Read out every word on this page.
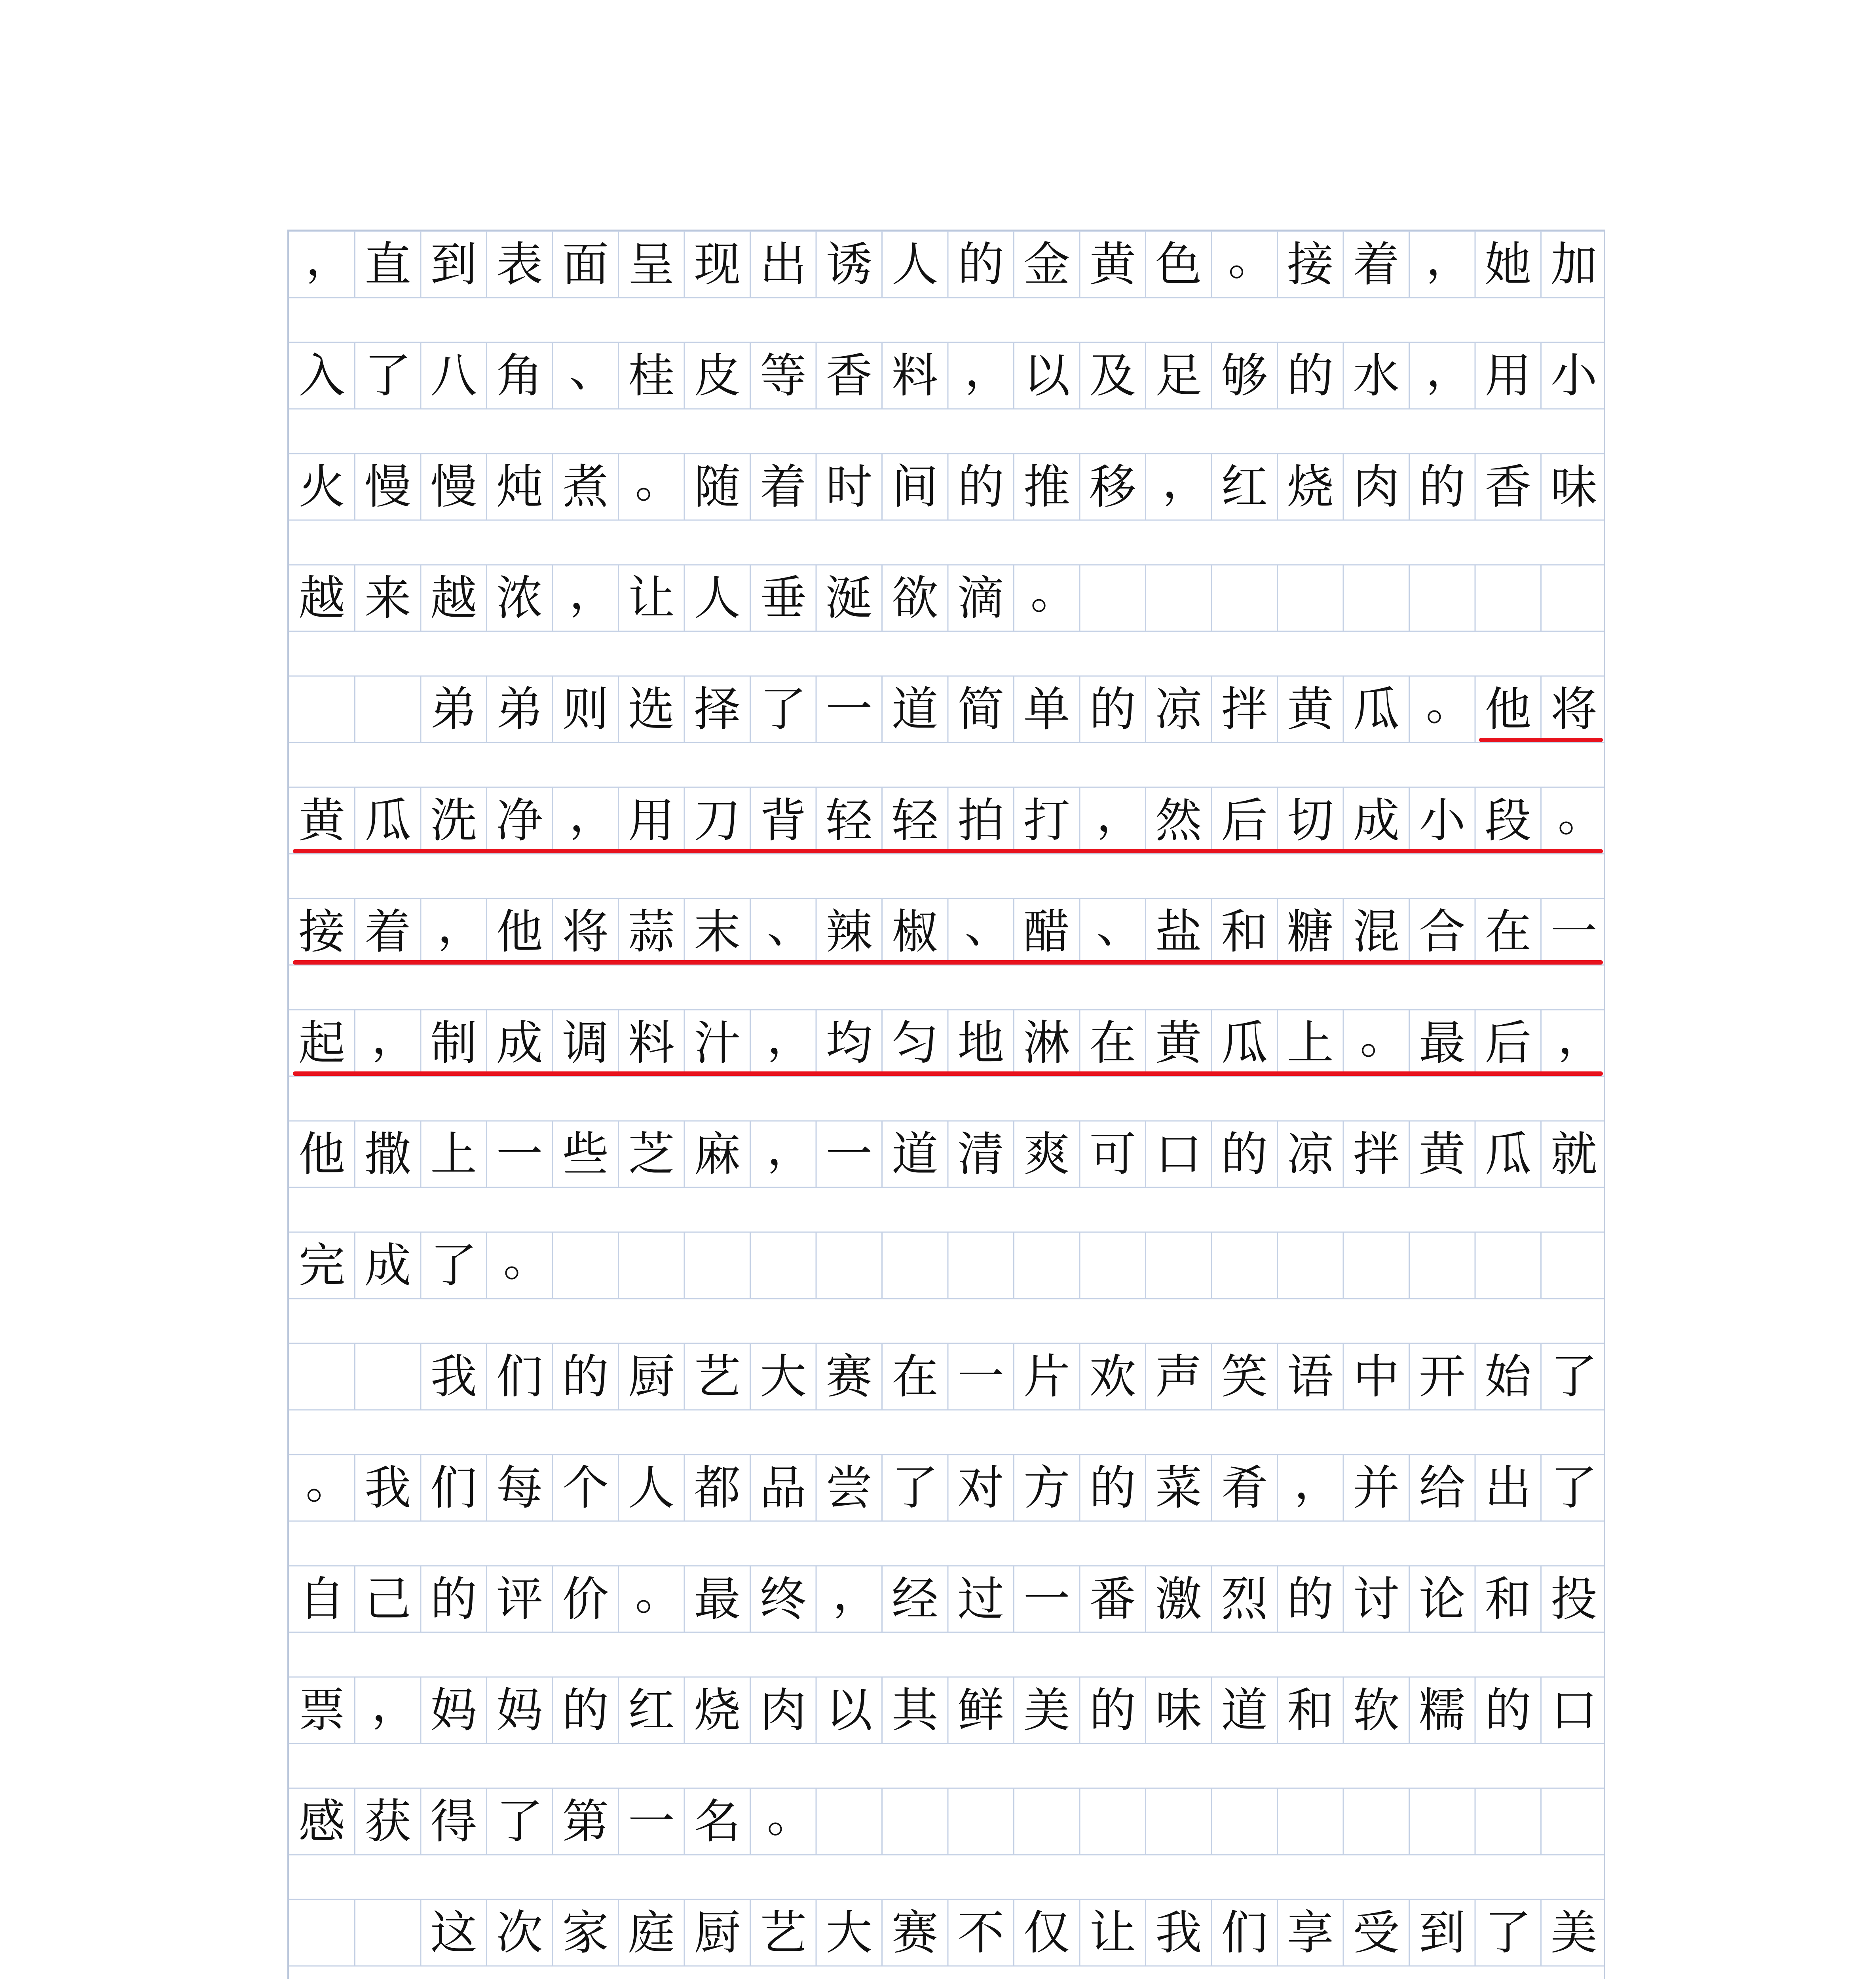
， 直 到 表 面 呈 现 出 诱 人 的 金 黄 色 。 接 着 ， 她 加
入 了 八 角 、 桂 皮 等 香 料 ， 以 及 足 够 的 水 ， 用 小
火 慢 慢 炖 煮 。 随 着 时 间 的 推 移 ， 红 烧 肉 的 香 味
越 来 越 浓 ， 让 人 垂 涎 欲 滴 。
弟 弟 则 选 择 了 一 道 简 单 的 凉 拌 黄 瓜 。 他 将
黄 瓜 洗 净 ， 用 刀 背 轻 轻 拍 打 ， 然 后 切 成 小 段 。
接 着 ， 他 将 蒜 末 、 辣 椒 、 醋 、 盐 和 糖 混 合 在 一
起 ， 制 成 调 料 汁 ， 均 匀 地 淋 在 黄 瓜 上 。 最 后 ，
他 撒 上 一 些 芝 麻 ， 一 道 清 爽 可 口 的 凉 拌 黄 瓜 就
完 成 了 。
我 们 的 厨 艺 大 赛 在 一 片 欢 声 笑 语 中 开 始 了
。 我 们 每 个 人 都 品 尝 了 对 方 的 菜 肴 ， 并 给 出 了
自 己 的 评 价 。 最 终 ， 经 过 一 番 激 烈 的 讨 论 和 投
票 ， 妈 妈 的 红 烧 肉 以 其 鲜 美 的 味 道 和 软 糯 的 口
感 获 得 了 第 一 名 。
这 次 家 庭 厨 艺 大 赛 不 仅 让 我 们 享 受 到 了 美
